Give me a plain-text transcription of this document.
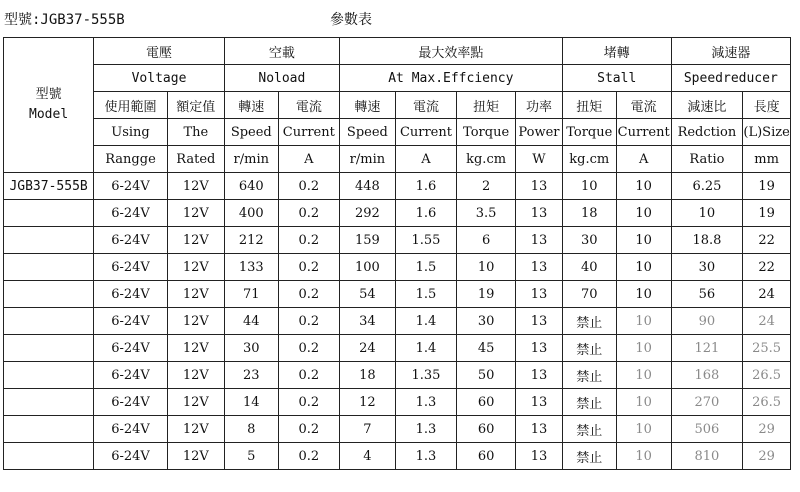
型號:JGB37-555B	參數表
型號
Model	電壓		空載		最大效率點				堵轉		減速器	
	Voltage		Noload		At Max.Effciency				Stall		Speedreducer	
	使用範圍	額定值	轉速	電流	轉速	電流	扭矩	功率	扭矩	電流	減速比	長度
	Using	The	Speed	Current	Speed	Current	Torque	Power	Torque	Current	Redction	(L)Size
	Rangge	Rated	r/min	A	r/min	A	kg.cm	W	kg.cm	A	Ratio	mm
JGB37-555B	6-24V	12V	640	0.2	448	1.6	2	13	10	10	6.25	19
	6-24V	12V	400	0.2	292	1.6	3.5	13	18	10	10	19
	6-24V	12V	212	0.2	159	1.55	6	13	30	10	18.8	22
	6-24V	12V	133	0.2	100	1.5	10	13	40	10	30	22
	6-24V	12V	71	0.2	54	1.5	19	13	70	10	56	24
	6-24V	12V	44	0.2	34	1.4	30	13	禁止	10	90	24
	6-24V	12V	30	0.2	24	1.4	45	13	禁止	10	121	25.5
	6-24V	12V	23	0.2	18	1.35	50	13	禁止	10	168	26.5
	6-24V	12V	14	0.2	12	1.3	60	13	禁止	10	270	26.5
	6-24V	12V	8	0.2	7	1.3	60	13	禁止	10	506	29
	6-24V	12V	5	0.2	4	1.3	60	13	禁止	10	810	29
